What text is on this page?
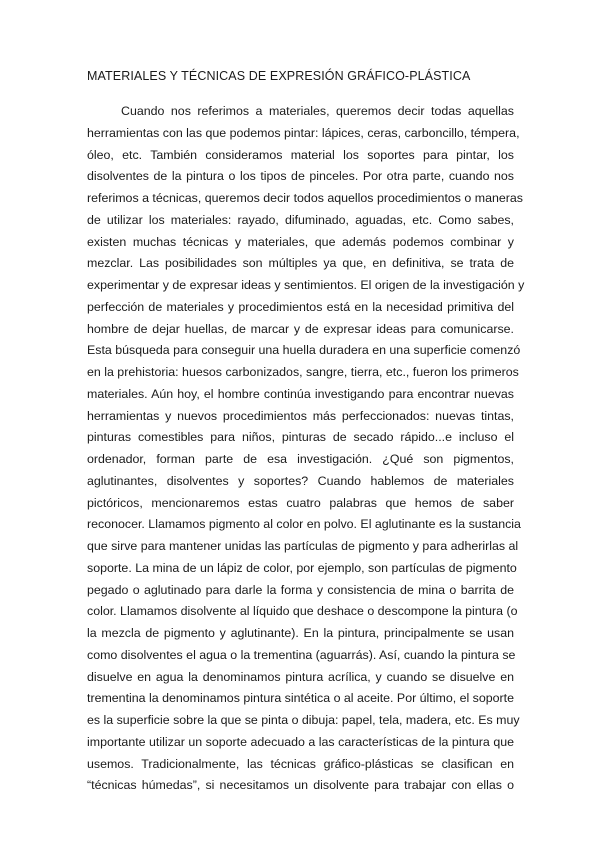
MATERIALES Y TÉCNICAS DE EXPRESIÓN GRÁFICO-PLÁSTICA
Cuando nos referimos a materiales, queremos decir todas aquellas
herramientas con las que podemos pintar: lápices, ceras, carboncillo, témpera,
óleo, etc. También consideramos material los soportes para pintar, los
disolventes de la pintura o los tipos de pinceles. Por otra parte, cuando nos
referimos a técnicas, queremos decir todos aquellos procedimientos o maneras
de utilizar los materiales: rayado, difuminado, aguadas, etc. Como sabes,
existen muchas técnicas y materiales, que además podemos combinar y
mezclar. Las posibilidades son múltiples ya que, en definitiva, se trata de
experimentar y de expresar ideas y sentimientos. El origen de la investigación y
perfección de materiales y procedimientos está en la necesidad primitiva del
hombre de dejar huellas, de marcar y de expresar ideas para comunicarse.
Esta búsqueda para conseguir una huella duradera en una superficie comenzó
en la prehistoria: huesos carbonizados, sangre, tierra, etc., fueron los primeros
materiales. Aún hoy, el hombre continúa investigando para encontrar nuevas
herramientas y nuevos procedimientos más perfeccionados: nuevas tintas,
pinturas comestibles para niños, pinturas de secado rápido...e incluso el
ordenador, forman parte de esa investigación. ¿Qué son pigmentos,
aglutinantes, disolventes y soportes? Cuando hablemos de materiales
pictóricos, mencionaremos estas cuatro palabras que hemos de saber
reconocer. Llamamos pigmento al color en polvo. El aglutinante es la sustancia
que sirve para mantener unidas las partículas de pigmento y para adherirlas al
soporte. La mina de un lápiz de color, por ejemplo, son partículas de pigmento
pegado o aglutinado para darle la forma y consistencia de mina o barrita de
color. Llamamos disolvente al líquido que deshace o descompone la pintura (o
la mezcla de pigmento y aglutinante). En la pintura, principalmente se usan
como disolventes el agua o la trementina (aguarrás). Así, cuando la pintura se
disuelve en agua la denominamos pintura acrílica, y cuando se disuelve en
trementina la denominamos pintura sintética o al aceite. Por último, el soporte
es la superficie sobre la que se pinta o dibuja: papel, tela, madera, etc. Es muy
importante utilizar un soporte adecuado a las características de la pintura que
usemos. Tradicionalmente, las técnicas gráfico-plásticas se clasifican en
“técnicas húmedas”, si necesitamos un disolvente para trabajar con ellas o
